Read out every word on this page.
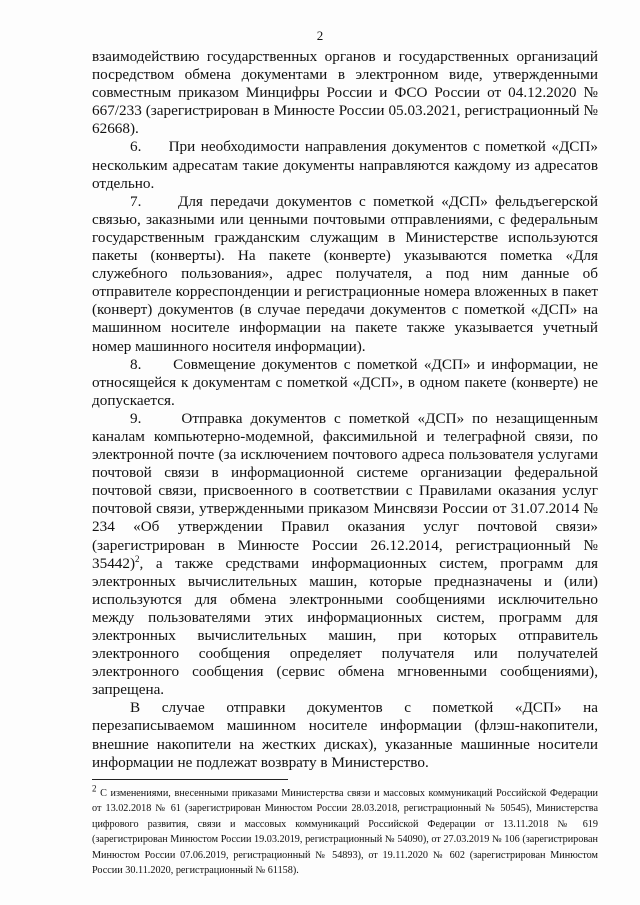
2

взаимодействию государственных органов и государственных организаций посредством обмена документами в электронном виде, утвержденными совместным приказом Минцифры России и ФСО России от 04.12.2020 № 667/233 (зарегистрирован в Минюсте России 05.03.2021, регистрационный № 62668).

6.     При необходимости направления документов с пометкой «ДСП» нескольким адресатам такие документы направляются каждому из адресатов отдельно.

7.     Для передачи документов с пометкой «ДСП» фельдъегерской связью, заказными или ценными почтовыми отправлениями, с федеральным государственным гражданским служащим в Министерстве используются пакеты (конверты). На пакете (конверте) указываются пометка «Для служебного пользования», адрес получателя, а под ним данные об отправителе корреспонденции и регистрационные номера вложенных в пакет (конверт) документов (в случае передачи документов с пометкой «ДСП» на машинном носителе информации на пакете также указывается учетный номер машинного носителя информации).

8.     Совмещение документов с пометкой «ДСП» и информации, не относящейся к документам с пометкой «ДСП», в одном пакете (конверте) не допускается.

9.     Отправка документов с пометкой «ДСП» по незащищенным каналам компьютерно-модемной, факсимильной и телеграфной связи, по электронной почте (за исключением почтового адреса пользователя услугами почтовой связи в информационной системе организации федеральной почтовой связи, присвоенного в соответствии с Правилами оказания услуг почтовой связи, утвержденными приказом Минсвязи России от 31.07.2014 № 234 «Об утверждении Правил оказания услуг почтовой связи» (зарегистрирован в Минюсте России 26.12.2014, регистрационный № 35442)$^2$, а также средствами информационных систем, программ для электронных вычислительных машин, которые предназначены и (или) используются для обмена электронными сообщениями исключительно между пользователями этих информационных систем, программ для электронных вычислительных машин, при которых отправитель электронного сообщения определяет получателя или получателей электронного сообщения (сервис обмена мгновенными сообщениями), запрещена.

В случае отправки документов с пометкой «ДСП» на перезаписываемом машинном носителе информации (флэш-накопители, внешние накопители на жестких дисках), указанные машинные носители информации не подлежат возврату в Министерство.

2 С изменениями, внесенными приказами Министерства связи и массовых коммуникаций Российской Федерации от 13.02.2018 № 61 (зарегистрирован Минюстом России 28.03.2018, регистрационный № 50545), Министерства цифрового развития, связи и массовых коммуникаций Российской Федерации от 13.11.2018 № 619 (зарегистрирован Минюстом России 19.03.2019, регистрационный № 54090), от 27.03.2019 № 106 (зарегистрирован Минюстом России 07.06.2019, регистрационный № 54893), от 19.11.2020 № 602 (зарегистрирован Минюстом России 30.11.2020, регистрационный № 61158).
